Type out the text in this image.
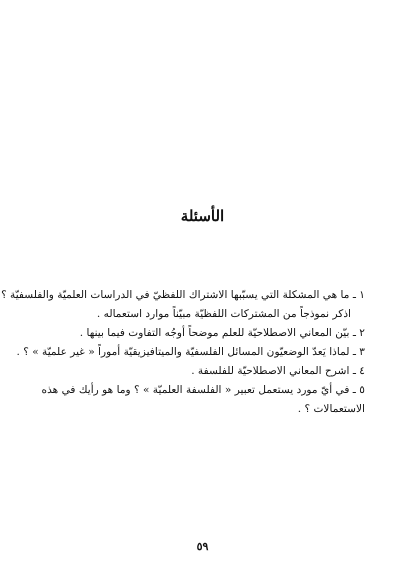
الأسئلة
١ ـ ما هي المشكلة التي يسبّبها الاشتراك اللفظيّ في الدراسات العلميّة والفلسفيّة ؟
اذكر نموذجاً من المشتركات اللفظيّة مبيّناً موارد استعماله .
٢ ـ بيّن المعاني الاصطلاحيّة للعلم موضحاً أوجُه التفاوت فيما بينها .
٣ ـ لماذا يَعدّ الوضعيّون المسائل الفلسفيّة والميتافيزيقيّة أموراً « غير علميّة » ؟ .
٤ ـ اشرح المعاني الاصطلاحيّة للفلسفة .
٥ ـ في أيّ مورد يستعمل تعبير « الفلسفة العلميّة » ؟ وما هو رأيك في هذه
الاستعمالات ؟ .
٥٩
